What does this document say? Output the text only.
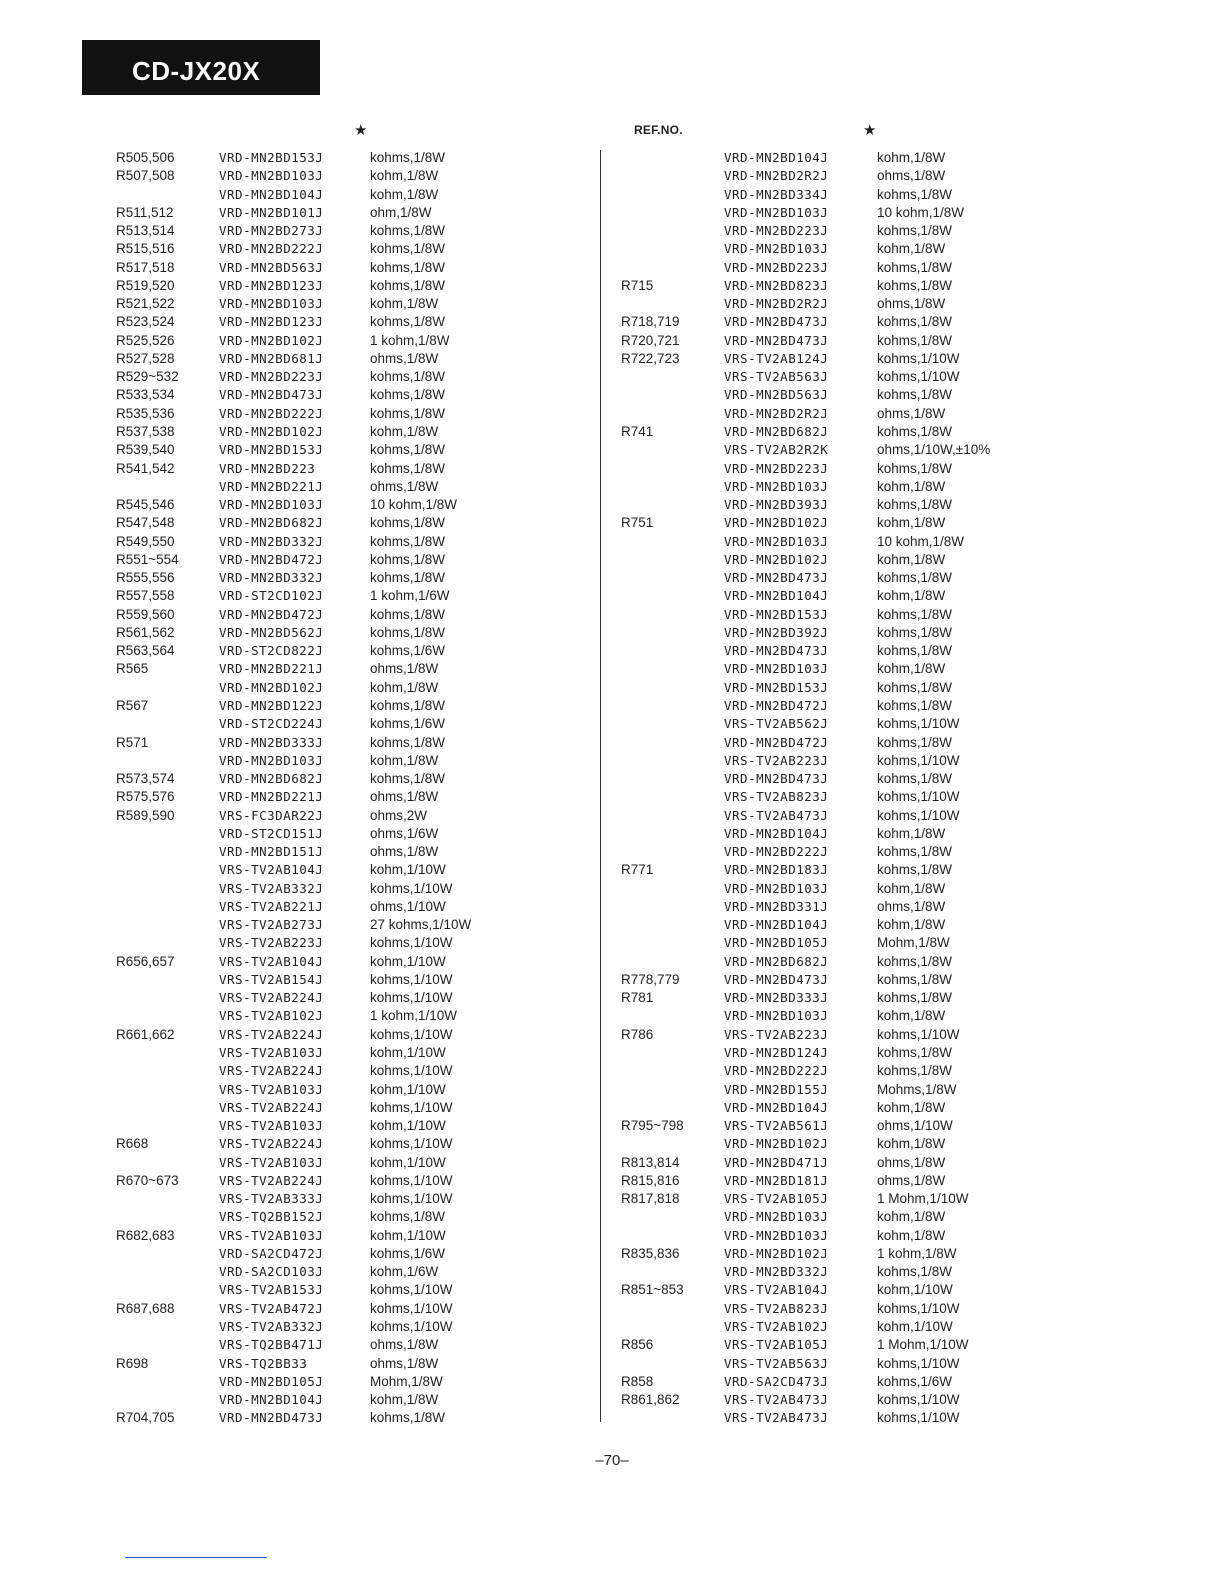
CD-JX20X
★	REF.NO.	★
R505,506	VRD-MN2BD153J	kohms,1/8W
R507,508	VRD-MN2BD103J	kohm,1/8W
VRD-MN2BD104J	kohm,1/8W
R511,512	VRD-MN2BD101J	ohm,1/8W
R513,514	VRD-MN2BD273J	kohms,1/8W
R515,516	VRD-MN2BD222J	kohms,1/8W
R517,518	VRD-MN2BD563J	kohms,1/8W
R519,520	VRD-MN2BD123J	kohms,1/8W
R521,522	VRD-MN2BD103J	kohm,1/8W
R523,524	VRD-MN2BD123J	kohms,1/8W
R525,526	VRD-MN2BD102J	1 kohm,1/8W
R527,528	VRD-MN2BD681J	ohms,1/8W
R529~532	VRD-MN2BD223J	kohms,1/8W
R533,534	VRD-MN2BD473J	kohms,1/8W
R535,536	VRD-MN2BD222J	kohms,1/8W
R537,538	VRD-MN2BD102J	kohm,1/8W
R539,540	VRD-MN2BD153J	kohms,1/8W
R541,542	VRD-MN2BD223	kohms,1/8W
VRD-MN2BD221J	ohms,1/8W
R545,546	VRD-MN2BD103J	10 kohm,1/8W
R547,548	VRD-MN2BD682J	kohms,1/8W
R549,550	VRD-MN2BD332J	kohms,1/8W
R551~554	VRD-MN2BD472J	kohms,1/8W
R555,556	VRD-MN2BD332J	kohms,1/8W
R557,558	VRD-ST2CD102J	1 kohm,1/6W
R559,560	VRD-MN2BD472J	kohms,1/8W
R561,562	VRD-MN2BD562J	kohms,1/8W
R563,564	VRD-ST2CD822J	kohms,1/6W
R565	VRD-MN2BD221J	ohms,1/8W
VRD-MN2BD102J	kohm,1/8W
R567	VRD-MN2BD122J	kohms,1/8W
VRD-ST2CD224J	kohms,1/6W
R571	VRD-MN2BD333J	kohms,1/8W
VRD-MN2BD103J	kohm,1/8W
R573,574	VRD-MN2BD682J	kohms,1/8W
R575,576	VRD-MN2BD221J	ohms,1/8W
R589,590	VRS-FC3DAR22J	ohms,2W
VRD-ST2CD151J	ohms,1/6W
VRD-MN2BD151J	ohms,1/8W
VRS-TV2AB104J	kohm,1/10W
VRS-TV2AB332J	kohms,1/10W
VRS-TV2AB221J	ohms,1/10W
VRS-TV2AB273J	27 kohms,1/10W
VRS-TV2AB223J	kohms,1/10W
R656,657	VRS-TV2AB104J	kohm,1/10W
VRS-TV2AB154J	kohms,1/10W
VRS-TV2AB224J	kohms,1/10W
VRS-TV2AB102J	1 kohm,1/10W
R661,662	VRS-TV2AB224J	kohms,1/10W
VRS-TV2AB103J	kohm,1/10W
VRS-TV2AB224J	kohms,1/10W
VRS-TV2AB103J	kohm,1/10W
VRS-TV2AB224J	kohms,1/10W
VRS-TV2AB103J	kohm,1/10W
R668	VRS-TV2AB224J	kohms,1/10W
VRS-TV2AB103J	kohm,1/10W
R670~673	VRS-TV2AB224J	kohms,1/10W
VRS-TV2AB333J	kohms,1/10W
VRS-TQ2BB152J	kohms,1/8W
R682,683	VRS-TV2AB103J	kohm,1/10W
VRD-SA2CD472J	kohms,1/6W
VRD-SA2CD103J	kohm,1/6W
VRS-TV2AB153J	kohms,1/10W
R687,688	VRS-TV2AB472J	kohms,1/10W
VRS-TV2AB332J	kohms,1/10W
VRS-TQ2BB471J	ohms,1/8W
R698	VRS-TQ2BB33	ohms,1/8W
VRD-MN2BD105J	Mohm,1/8W
VRD-MN2BD104J	kohm,1/8W
R704,705	VRD-MN2BD473J	kohms,1/8W
VRD-MN2BD104J	kohm,1/8W
VRD-MN2BD2R2J	ohms,1/8W
VRD-MN2BD334J	kohms,1/8W
VRD-MN2BD103J	10 kohm,1/8W
VRD-MN2BD223J	kohms,1/8W
VRD-MN2BD103J	kohm,1/8W
VRD-MN2BD223J	kohms,1/8W
R715	VRD-MN2BD823J	kohms,1/8W
VRD-MN2BD2R2J	ohms,1/8W
R718,719	VRD-MN2BD473J	kohms,1/8W
R720,721	VRD-MN2BD473J	kohms,1/8W
R722,723	VRS-TV2AB124J	kohms,1/10W
VRS-TV2AB563J	kohms,1/10W
VRD-MN2BD563J	kohms,1/8W
VRD-MN2BD2R2J	ohms,1/8W
R741	VRD-MN2BD682J	kohms,1/8W
VRS-TV2AB2R2K	ohms,1/10W,±10%
VRD-MN2BD223J	kohms,1/8W
VRD-MN2BD103J	kohm,1/8W
VRD-MN2BD393J	kohms,1/8W
R751	VRD-MN2BD102J	kohm,1/8W
VRD-MN2BD103J	10 kohm,1/8W
VRD-MN2BD102J	kohm,1/8W
VRD-MN2BD473J	kohms,1/8W
VRD-MN2BD104J	kohm,1/8W
VRD-MN2BD153J	kohms,1/8W
VRD-MN2BD392J	kohms,1/8W
VRD-MN2BD473J	kohms,1/8W
VRD-MN2BD103J	kohm,1/8W
VRD-MN2BD153J	kohms,1/8W
VRD-MN2BD472J	kohms,1/8W
VRS-TV2AB562J	kohms,1/10W
VRD-MN2BD472J	kohms,1/8W
VRS-TV2AB223J	kohms,1/10W
VRD-MN2BD473J	kohms,1/8W
VRS-TV2AB823J	kohms,1/10W
VRS-TV2AB473J	kohms,1/10W
VRD-MN2BD104J	kohm,1/8W
VRD-MN2BD222J	kohms,1/8W
R771	VRD-MN2BD183J	kohms,1/8W
VRD-MN2BD103J	kohm,1/8W
VRD-MN2BD331J	ohms,1/8W
VRD-MN2BD104J	kohm,1/8W
VRD-MN2BD105J	Mohm,1/8W
VRD-MN2BD682J	kohms,1/8W
R778,779	VRD-MN2BD473J	kohms,1/8W
R781	VRD-MN2BD333J	kohms,1/8W
VRD-MN2BD103J	kohm,1/8W
R786	VRS-TV2AB223J	kohms,1/10W
VRD-MN2BD124J	kohms,1/8W
VRD-MN2BD222J	kohms,1/8W
VRD-MN2BD155J	Mohms,1/8W
VRD-MN2BD104J	kohm,1/8W
R795~798	VRS-TV2AB561J	ohms,1/10W
VRD-MN2BD102J	kohm,1/8W
R813,814	VRD-MN2BD471J	ohms,1/8W
R815,816	VRD-MN2BD181J	ohms,1/8W
R817,818	VRS-TV2AB105J	1 Mohm,1/10W
VRD-MN2BD103J	kohm,1/8W
VRD-MN2BD103J	kohm,1/8W
R835,836	VRD-MN2BD102J	1 kohm,1/8W
VRD-MN2BD332J	kohms,1/8W
R851~853	VRS-TV2AB104J	kohm,1/10W
VRS-TV2AB823J	kohms,1/10W
VRS-TV2AB102J	kohm,1/10W
R856	VRS-TV2AB105J	1 Mohm,1/10W
VRS-TV2AB563J	kohms,1/10W
R858	VRD-SA2CD473J	kohms,1/6W
R861,862	VRS-TV2AB473J	kohms,1/10W
VRS-TV2AB473J	kohms,1/10W
–70–
